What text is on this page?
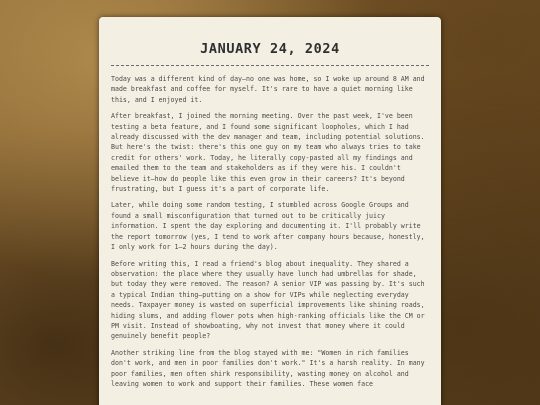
JANUARY 24, 2024

Today was a different kind of day—no one was home, so I woke up around 8 AM and made breakfast and coffee for myself. It's rare to have a quiet morning like this, and I enjoyed it.

After breakfast, I joined the morning meeting. Over the past week, I've been testing a beta feature, and I found some significant loopholes, which I had already discussed with the dev manager and team, including potential solutions. But here's the twist: there's this one guy on my team who always tries to take credit for others' work. Today, he literally copy-pasted all my findings and emailed them to the team and stakeholders as if they were his. I couldn't believe it—how do people like this even grow in their careers? It's beyond frustrating, but I guess it's a part of corporate life.

Later, while doing some random testing, I stumbled across Google Groups and found a small misconfiguration that turned out to be critically juicy information. I spent the day exploring and documenting it. I'll probably write the report tomorrow (yes, I tend to work after company hours because, honestly, I only work for 1–2 hours during the day).

Before writing this, I read a friend's blog about inequality. They shared a observation: the place where they usually have lunch had umbrellas for shade, but today they were removed. The reason? A senior VIP was passing by. It's such a typical Indian thing—putting on a show for VIPs while neglecting everyday needs. Taxpayer money is wasted on superficial improvements like shining roads, hiding slums, and adding flower pots when high-ranking officials like the CM or PM visit. Instead of showboating, why not invest that money where it could genuinely benefit people?

Another striking line from the blog stayed with me: "Women in rich families don't work, and men in poor families don't work." It's a harsh reality. In many poor families, men often shirk responsibility, wasting money on alcohol and leaving women to work and support their families. These women face
